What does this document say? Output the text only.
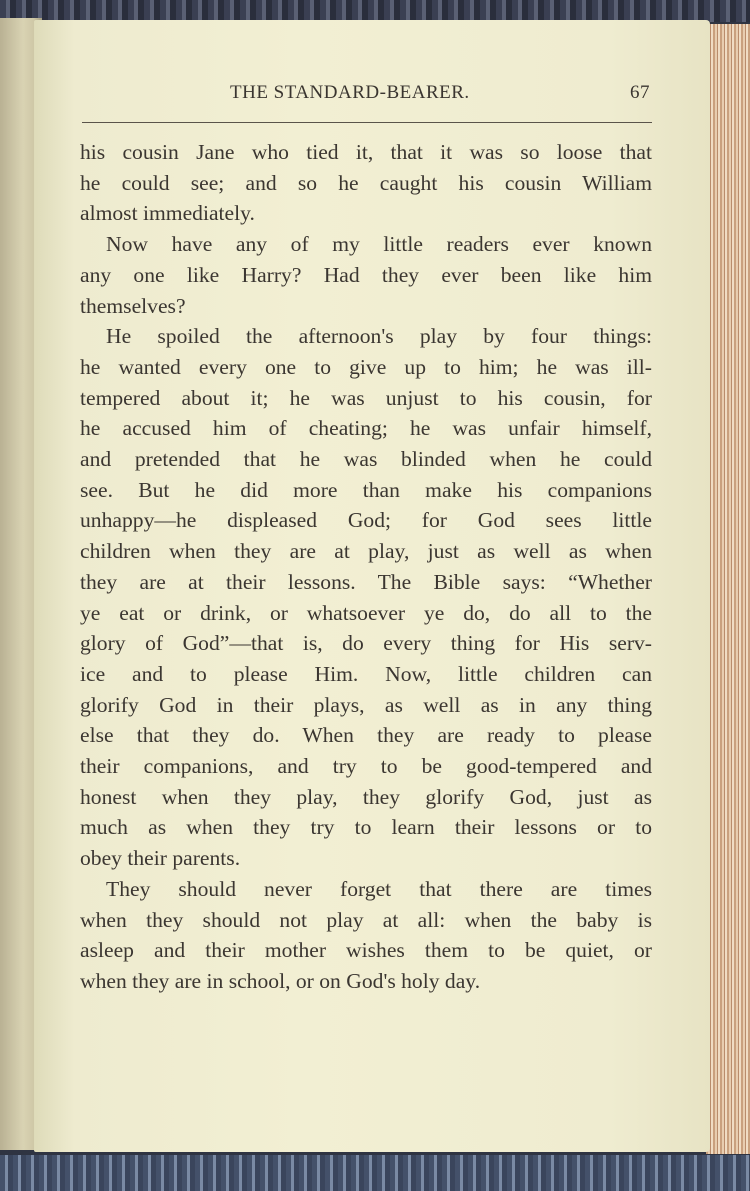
THE STANDARD-BEARER.	67
his cousin Jane who tied it, that it was so loose that
he could see; and so he caught his cousin William
almost immediately.
Now have any of my little readers ever known
any one like Harry? Had they ever been like him
themselves?
He spoiled the afternoon's play by four things:
he wanted every one to give up to him; he was ill-
tempered about it; he was unjust to his cousin, for
he accused him of cheating; he was unfair himself,
and pretended that he was blinded when he could
see. But he did more than make his companions
unhappy—he displeased God; for God sees little
children when they are at play, just as well as when
they are at their lessons. The Bible says: “Whether
ye eat or drink, or whatsoever ye do, do all to the
glory of God”—that is, do every thing for His serv-
ice and to please Him. Now, little children can
glorify God in their plays, as well as in any thing
else that they do. When they are ready to please
their companions, and try to be good-tempered and
honest when they play, they glorify God, just as
much as when they try to learn their lessons or to
obey their parents.
They should never forget that there are times
when they should not play at all: when the baby is
asleep and their mother wishes them to be quiet, or
when they are in school, or on God's holy day.
